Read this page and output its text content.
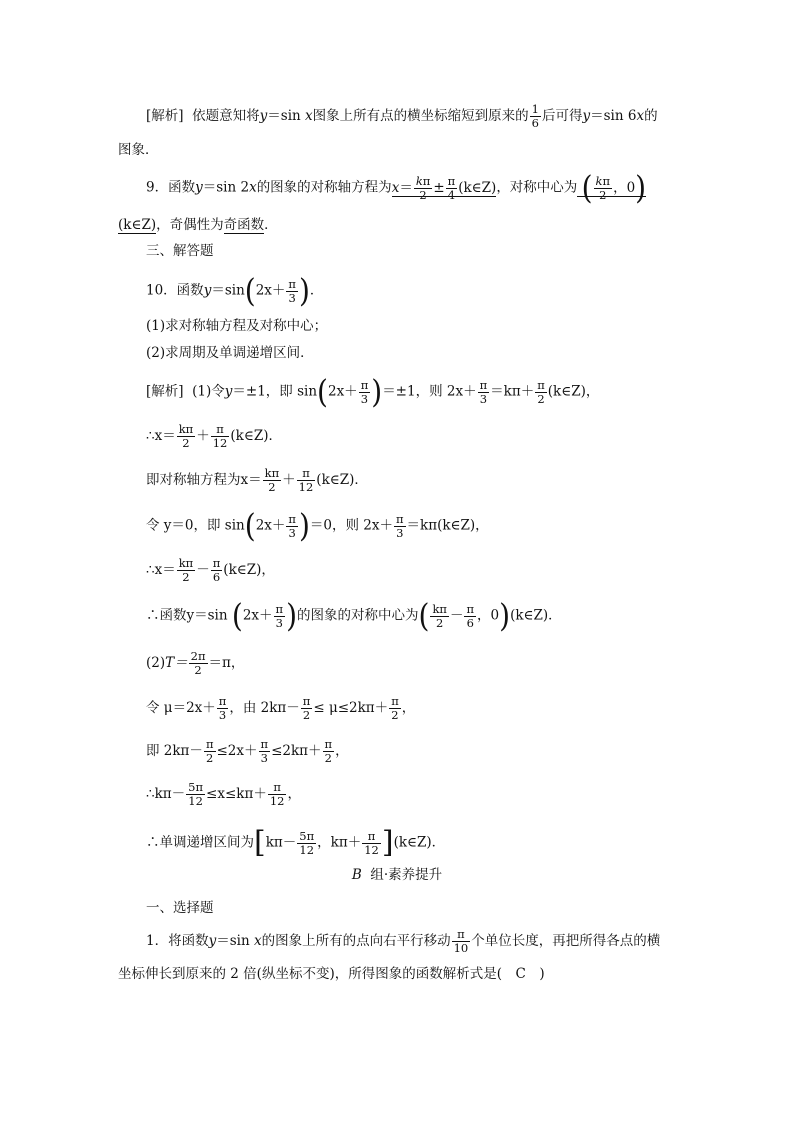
[解析] 依题意知将y＝sin x图象上所有点的横坐标缩短到原来的 $\frac{1}{6}$ 后可得y＝sin 6x的
图象．
9．函数y＝sin 2x的图象的对称轴方程为$x= \frac{k\pi}{2} \pm \frac{\pi}{4}$ (k∈Z)，对称中心为 ( $\frac{k\pi}{2}$ ，0)
(k∈Z)，奇偶性为奇函数．
三、解答题
10．函数$y=\sin(2x+ \frac{\pi}{3}$ )．
(1)求对称轴方程及对称中心；
(2)求周期及单调递增区间．
[解析] (1)令y＝±1，即 $\sin(2x+ \frac{\pi}{3} )=\pm 1$，则 $2x+ \frac{\pi}{3} =k\pi+ \frac{\pi}{2}$ (k∈Z)，
∴x＝ $\frac{k\pi}{2} + \frac{\pi}{12}$ (k∈Z)．
即对称轴方程为$x= \frac{k\pi}{2} + \frac{\pi}{12}$ (k∈Z)．
令 y＝0，即 $\sin(2x+ \frac{\pi}{3} )=0$，则 $2x+ \frac{\pi}{3}$ ＝kπ(k∈Z)，
∴x＝ $\frac{k\pi}{2} - \frac{\pi}{6}$ (k∈Z)，
∴函数y＝sin ($2x+ \frac{\pi}{3}$ )的图象的对称中心为( $\frac{k\pi}{2} - \frac{\pi}{6}$ ，0)(k∈Z)．
$(2)T= \frac{2\pi}{2} =\pi$，
令 $\mu=2x+ \frac{\pi}{3}$ ，由 $2k\pi- \frac{\pi}{2} \le \mu\le 2k\pi+ \frac{\pi}{2}$ ，
即 $2k\pi- \frac{\pi}{2} \le 2x+ \frac{\pi}{3} \le 2k\pi+ \frac{\pi}{2}$ ，
∴kπ－ $\frac{5\pi}{12} \le x\le k\pi+ \frac{\pi}{12}$ ，
∴单调递增区间为[$k\pi- \frac{5\pi}{12}$ ，$k\pi+ \frac{\pi}{12}$ ](k∈Z)．
B 组·素养提升
一、选择题
1．将函数y＝sin x的图象上所有的点向右平行移动 $\frac{\pi}{10}$ 个单位长度，再把所得各点的横
坐标伸长到原来的 2 倍(纵坐标不变)，所得图象的函数解析式是(　C　)
